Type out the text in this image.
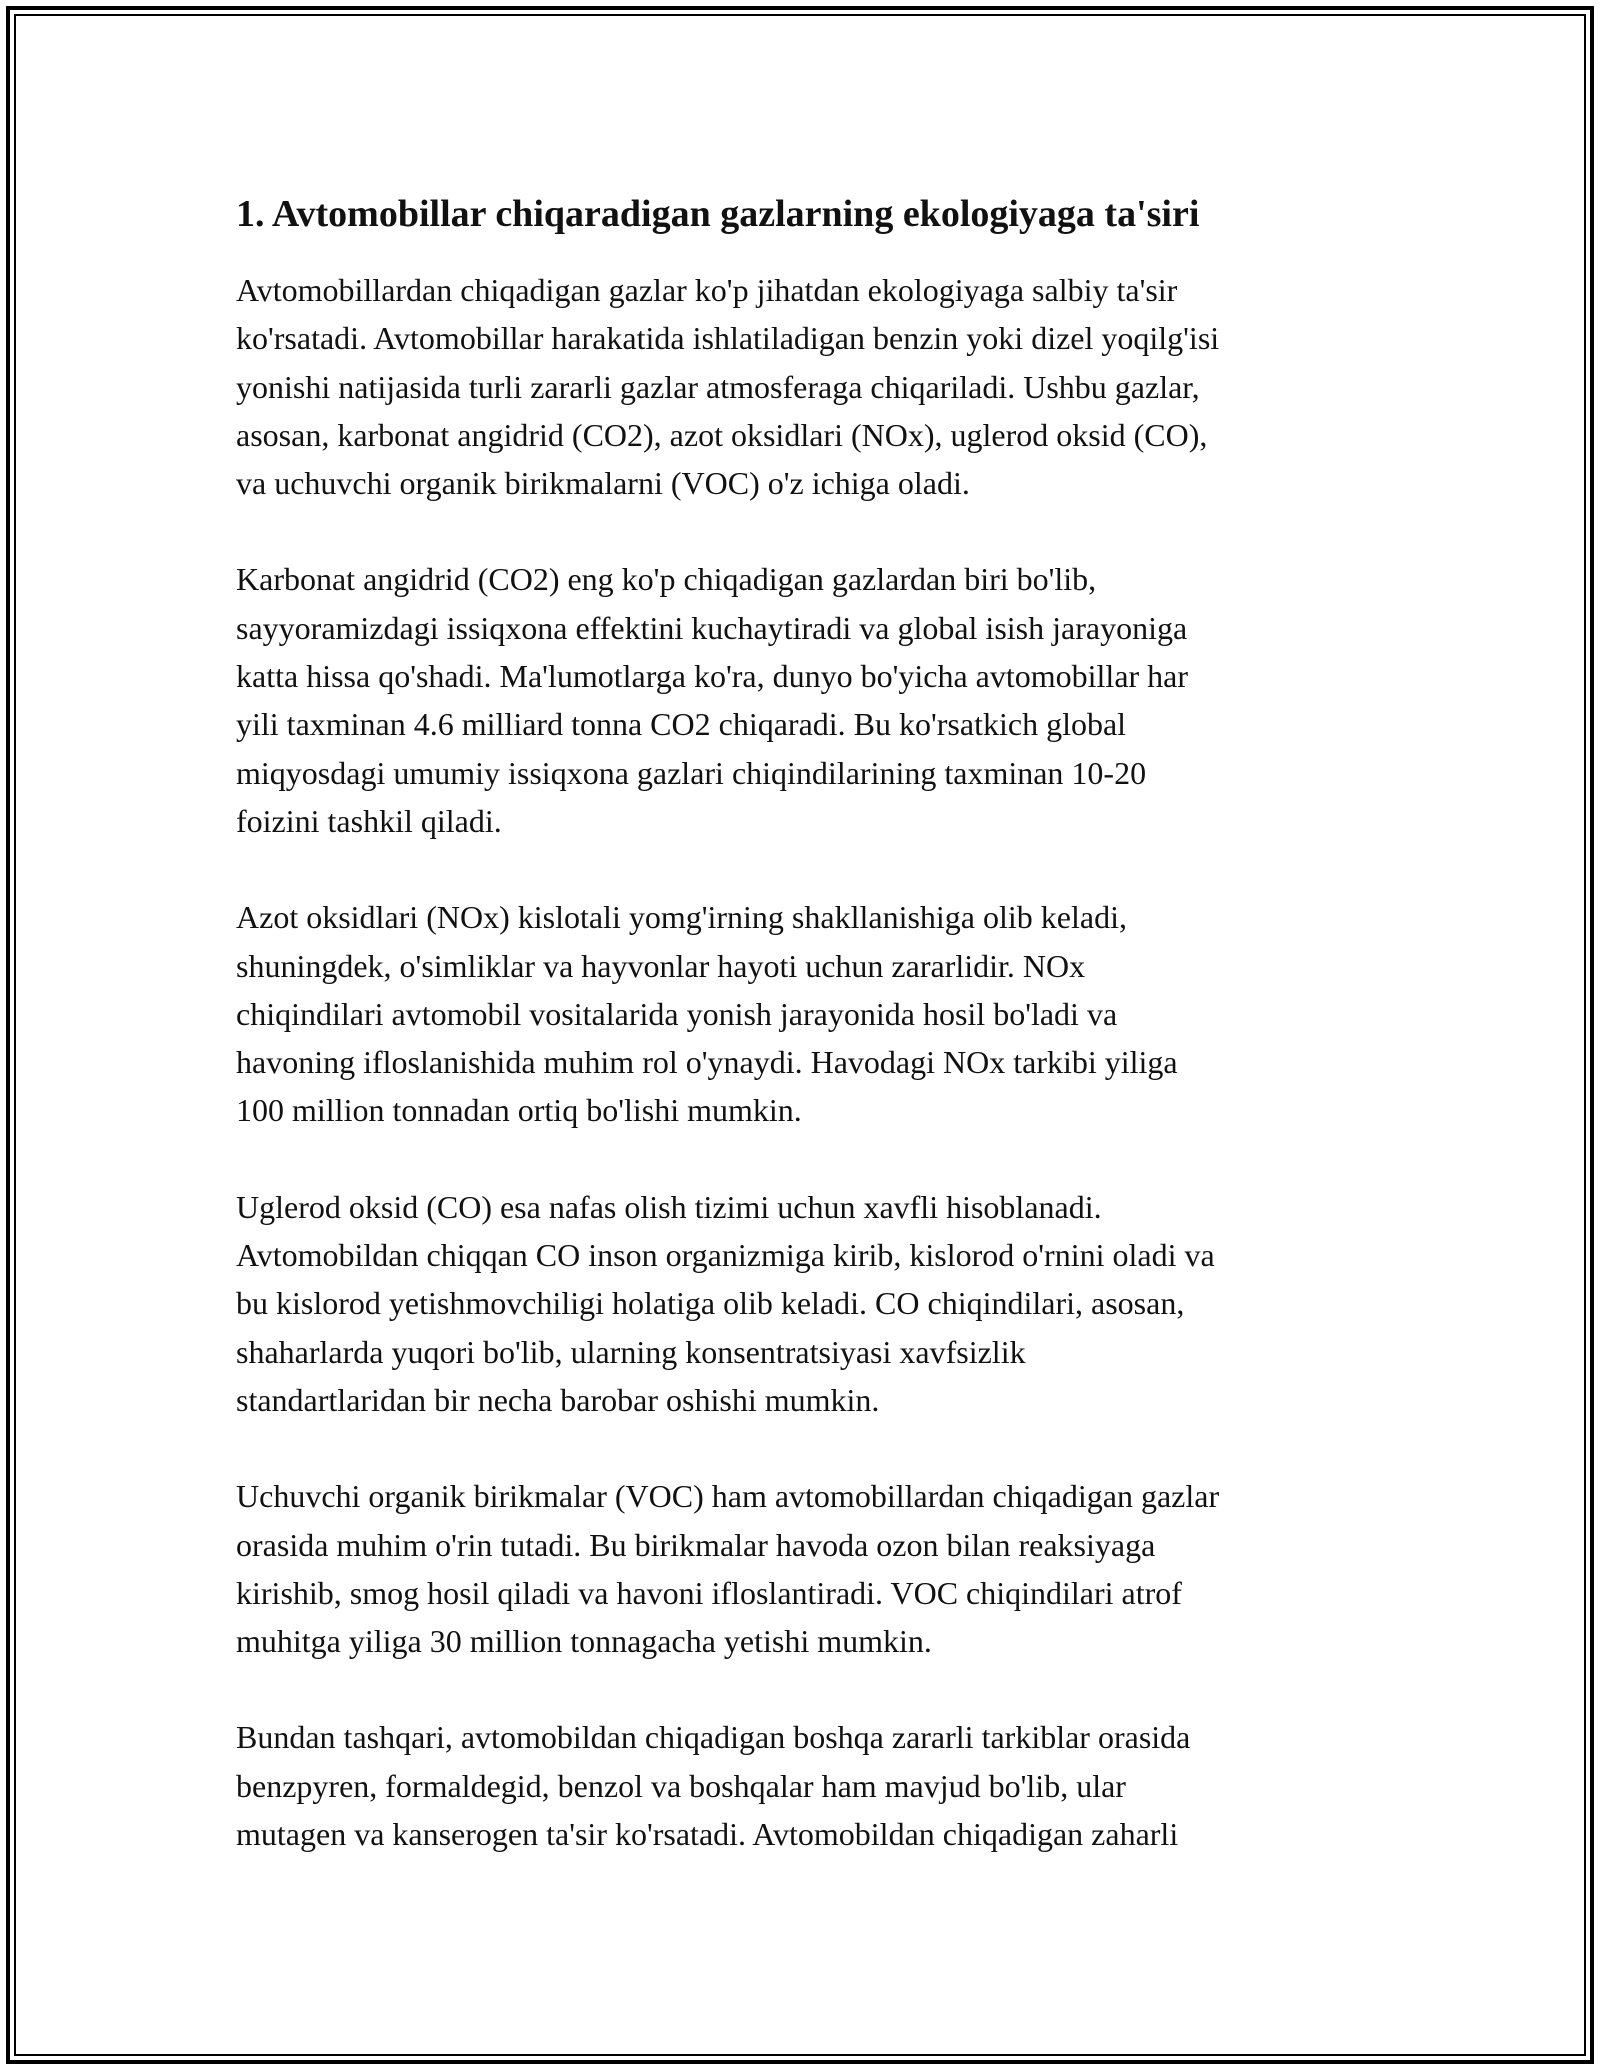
1. Avtomobillar chiqaradigan gazlarning ekologiyaga ta'siri

Avtomobillardan chiqadigan gazlar ko'p jihatdan ekologiyaga salbiy ta'sir
ko'rsatadi. Avtomobillar harakatida ishlatiladigan benzin yoki dizel yoqilg'isi
yonishi natijasida turli zararli gazlar atmosferaga chiqariladi. Ushbu gazlar,
asosan, karbonat angidrid (CO2), azot oksidlari (NOx), uglerod oksid (CO),
va uchuvchi organik birikmalarni (VOC) o'z ichiga oladi.

Karbonat angidrid (CO2) eng ko'p chiqadigan gazlardan biri bo'lib,
sayyoramizdagi issiqxona effektini kuchaytiradi va global isish jarayoniga
katta hissa qo'shadi. Ma'lumotlarga ko'ra, dunyo bo'yicha avtomobillar har
yili taxminan 4.6 milliard tonna CO2 chiqaradi. Bu ko'rsatkich global
miqyosdagi umumiy issiqxona gazlari chiqindilarining taxminan 10-20
foizini tashkil qiladi.

Azot oksidlari (NOx) kislotali yomg'irning shakllanishiga olib keladi,
shuningdek, o'simliklar va hayvonlar hayoti uchun zararlidir. NOx
chiqindilari avtomobil vositalarida yonish jarayonida hosil bo'ladi va
havoning ifloslanishida muhim rol o'ynaydi. Havodagi NOx tarkibi yiliga
100 million tonnadan ortiq bo'lishi mumkin.

Uglerod oksid (CO) esa nafas olish tizimi uchun xavfli hisoblanadi.
Avtomobildan chiqqan CO inson organizmiga kirib, kislorod o'rnini oladi va
bu kislorod yetishmovchiligi holatiga olib keladi. CO chiqindilari, asosan,
shaharlarda yuqori bo'lib, ularning konsentratsiyasi xavfsizlik
standartlaridan bir necha barobar oshishi mumkin.

Uchuvchi organik birikmalar (VOC) ham avtomobillardan chiqadigan gazlar
orasida muhim o'rin tutadi. Bu birikmalar havoda ozon bilan reaksiyaga
kirishib, smog hosil qiladi va havoni ifloslantiradi. VOC chiqindilari atrof
muhitga yiliga 30 million tonnagacha yetishi mumkin.

Bundan tashqari, avtomobildan chiqadigan boshqa zararli tarkiblar orasida
benzpyren, formaldegid, benzol va boshqalar ham mavjud bo'lib, ular
mutagen va kanserogen ta'sir ko'rsatadi. Avtomobildan chiqadigan zaharli
